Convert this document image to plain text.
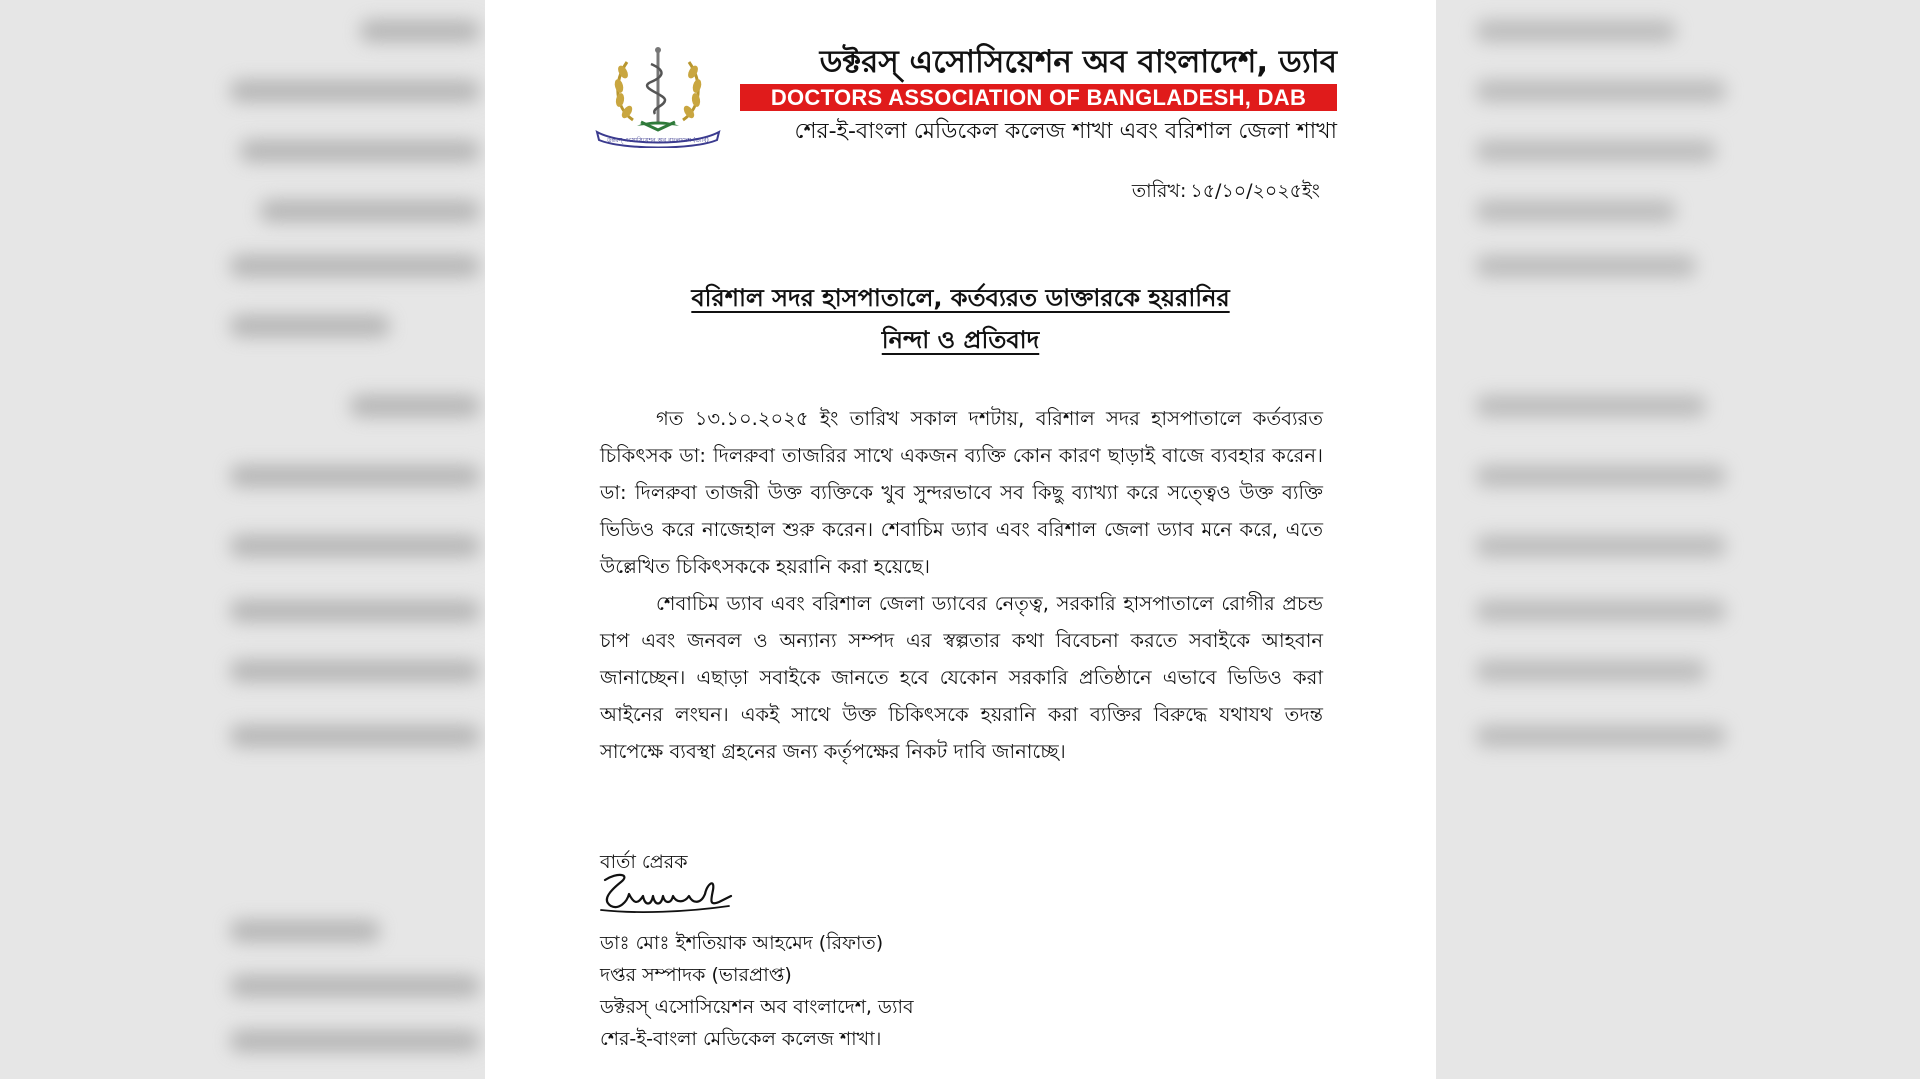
ডক্টরস্‌ এসোসিয়েশন অব বাংলাদেশ (ড্যাব)
ডক্টরস্‌ এসোসিয়েশন অব বাংলাদেশ, ড্যাব
DOCTORS ASSOCIATION OF BANGLADESH, DAB
শের-ই-বাংলা মেডিকেল কলেজ শাখা এবং বরিশাল জেলা শাখা
তারিখ: ১৫/১০/২০২৫ইং
বরিশাল সদর হাসপাতালে, কর্তব্যরত ডাক্তারকে হয়রানির
নিন্দা ও প্রতিবাদ

গত ১৩.১০.২০২৫ ইং তারিখ সকাল দশটায়, বরিশাল সদর হাসপাতালে কর্তব্যরত চিকিৎসক ডা: দিলরুবা তাজরির সাথে একজন ব্যক্তি কোন কারণ ছাড়াই বাজে ব্যবহার করেন। ডা: দিলরুবা তাজরী উক্ত ব্যক্তিকে খুব সুন্দরভাবে সব কিছু ব্যাখ্যা করে সত্ত্বেও উক্ত ব্যক্তি ভিডিও করে নাজেহাল শুরু করেন। শেবাচিম ড্যাব এবং বরিশাল জেলা ড্যাব মনে করে, এতে উল্লেখিত চিকিৎসককে হয়রানি করা হয়েছে।

শেবাচিম ড্যাব এবং বরিশাল জেলা ড্যাবের নেতৃত্ব, সরকারি হাসপাতালে রোগীর প্রচন্ড চাপ এবং জনবল ও অন্যান্য সম্পদ এর স্বল্পতার কথা বিবেচনা করতে সবাইকে আহবান জানাচ্ছেন। এছাড়া সবাইকে জানতে হবে যেকোন সরকারি প্রতিষ্ঠানে এভাবে ভিডিও করা আইনের লংঘন। একই সাথে উক্ত চিকিৎসকে হয়রানি করা ব্যক্তির বিরুদ্ধে যথাযথ তদন্ত সাপেক্ষে ব্যবস্থা গ্রহনের জন্য কর্তৃপক্ষের নিকট দাবি জানাচ্ছে।

বার্তা প্রেরক
ডাঃ মোঃ ইশতিয়াক আহমেদ (রিফাত)
দপ্তর সম্পাদক (ভারপ্রাপ্ত)
ডক্টরস্‌ এসোসিয়েশন অব বাংলাদেশ, ড্যাব
শের-ই-বাংলা মেডিকেল কলেজ শাখা।
